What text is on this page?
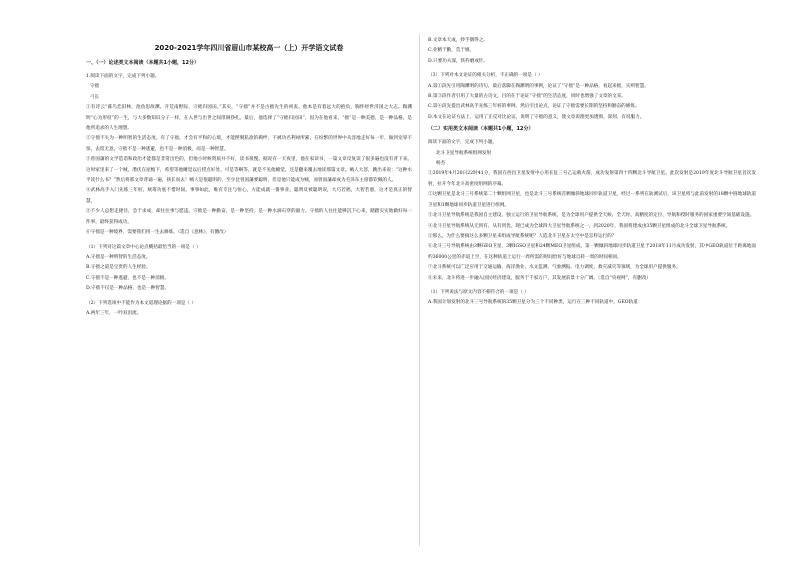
2020-2021学年四川省眉山市某校高一（上）开学语文试卷
一、（一）论述类文本阅读（本题共1小题，12分）

1.阅读下面的文字，完成下列小题。

守拙

弓长

①有诗云“暮鸟恋旧林，池鱼思故渊。开荒南野际，守拙归园田。”其实，“守拙”并不是古拙先生的初衷。他本是有着远大的抱负，胸怀经世济国之大志。陶渊明“心为形役”的一生，与大多数知识分子一样，在入世与出世之间徘徊挣扎。最后，他选择了“守拙归园田”，因为在他看来，“拙”是一种美德，是一种品格，是他所追求的人生理想。

②守拙不失为一种明智的生活态度。有了守拙，才会有平和的心境，才能摆脱私欲的羁绊，不被功名利禄所累，在纷繁的世界中从容地走好每一步，做到宠辱不惊，去留无意。守拙不是一种逃避，也不是一种消极，而是一种智慧。

③曾国藩的文学造诣和政治才能都是非常出色的，但他小时候资质并不好，读书很慢。据说有一天夜里，他在家读书，一篇文章反复读了很多遍也没有背下来。这时家里来了一个贼，潜伏在屋檐下，希望等他睡觉以后捞点好处。可是等啊等，就是不见他睡觉，还是翻来覆去地读那篇文章。贼人大怒，跳出来说：“这种水平读什么书？”然后将那文章背诵一遍，扬长而去！贼人是很聪明的，至少比曾国藩要聪明，但是他只能成为贼，而曾国藩却成为毛泽东主席都钦佩的人。

④武林高手入门先练三年桩，统筹功底不惜时间。事事如此，唯有专注与恒心，方能成就一番事业。聪明反被聪明误，大巧若拙，大智若愚，这才是真正的智慧。

⑤不少人总想走捷径，急于求成，却往往事与愿违。守拙是一种勤奋，是一种坚持，是一种水滴石穿的毅力。守拙的人往往能够沉下心来，踏踏实实地做好每一件事，最终获得成功。

⑥守拙是一种境界，需要我们用一生去修炼。（选自《意林》，有删改）

（1）下列对这篇文章中心论点概括最恰当的一项是（ ）

A.守拙是一种明智的生活态度。

B.守拙之道是宝贵的人生经验。

C.守拙不是一种逃避，也不是一种消极。

D.守拙不仅是一种品格，也是一种智慧。

（2）下列选项中不能作为本文道理论据的一项是（ ）

A.两年三年，一吟双泪流。

B.文章本天成，妙手偶得之。

C.业精于勤，荒于嬉。

D.只要功夫深，铁杵磨成针。

（3）下列对本文论证的相关分析，不正确的一项是（ ）

A.第①段先引用陶渊明的诗句，最后落脚在陶渊明的事例，论证了“守拙”是一种品格，看起来拙，实则智慧。

B.第③段作者引用了大量的古诗文，目的在于论证“守拙”的生活态度，同时也增强了文章的文采。

C.第④段先提出武林高手先练三年桩的事例，然后引出论点，论证了守拙需要长期的坚持和勤奋的修炼。

D.本文在论证方法上，运用了正反对比论证，说明了守拙的意义，使文章说理更加透彻、深刻，有说服力。

（二）实用类文本阅读（本题共1小题，12分）

阅读下面的文字，完成下列小题。

北斗卫星导航系统组网发射

杨杰

①2019年4月20日22时41分，我国在西昌卫星发射中心用长征三号乙运载火箭，成功发射第四十四颗北斗导航卫星。此次发射是2019年度北斗导航卫星首次发射，拉开今年北斗高密度组网的序幕。

②这颗卫星是北斗三号系统第二十颗组网卫星，也是北斗三号系统首颗倾斜地球同步轨道卫星，经过一系列在轨测试后，该卫星将与此前发射的18颗中圆地球轨道卫星和1颗地球同步轨道卫星进行组网。

③北斗卫星导航系统是我国自主建设、独立运行的卫星导航系统，是为全球用户提供全天候、全天时、高精度的定位、导航和授时服务的国家重要空间基础设施。

④北斗卫星导航系统从无到有、从有到优，现已成为全球四大卫星导航系统之一，到2020年，我国将建成由35颗卫星组成的北斗全球卫星导航系统。

⑤那么，为什么要搞这么多颗卫星来组成导航系统呢？人造北斗卫星在太空中是怎样运行的？

⑥北斗三号导航系统由3颗GEO卫星、3颗IGSO卫星和24颗MEO卫星组成，第一颗倾斜地球同步轨道卫星于2018年11月成功发射，其中GEO轨道位于距离地面约36000公里的赤道上空，在这种轨道上运行一周所需的时间恰好与地球自转一周的时间相同。

⑦北斗系统可以广泛应用于交通运输、海洋渔业、水文监测、气象测报、电力调度、救灾减灾等领域，为全球用户提供服务。

⑧未来，北斗将进一步融入国民经济建设，服务于千家万户，其发展前景十分广阔。（选自“央视网”，有删改）

（1）下列说法与原文内容不相符合的一项是（ ）

A.我国计划发射的北斗三号导航系统的35颗卫星分为三个不同种类，运行在三种不同轨道中。GEO轨道
